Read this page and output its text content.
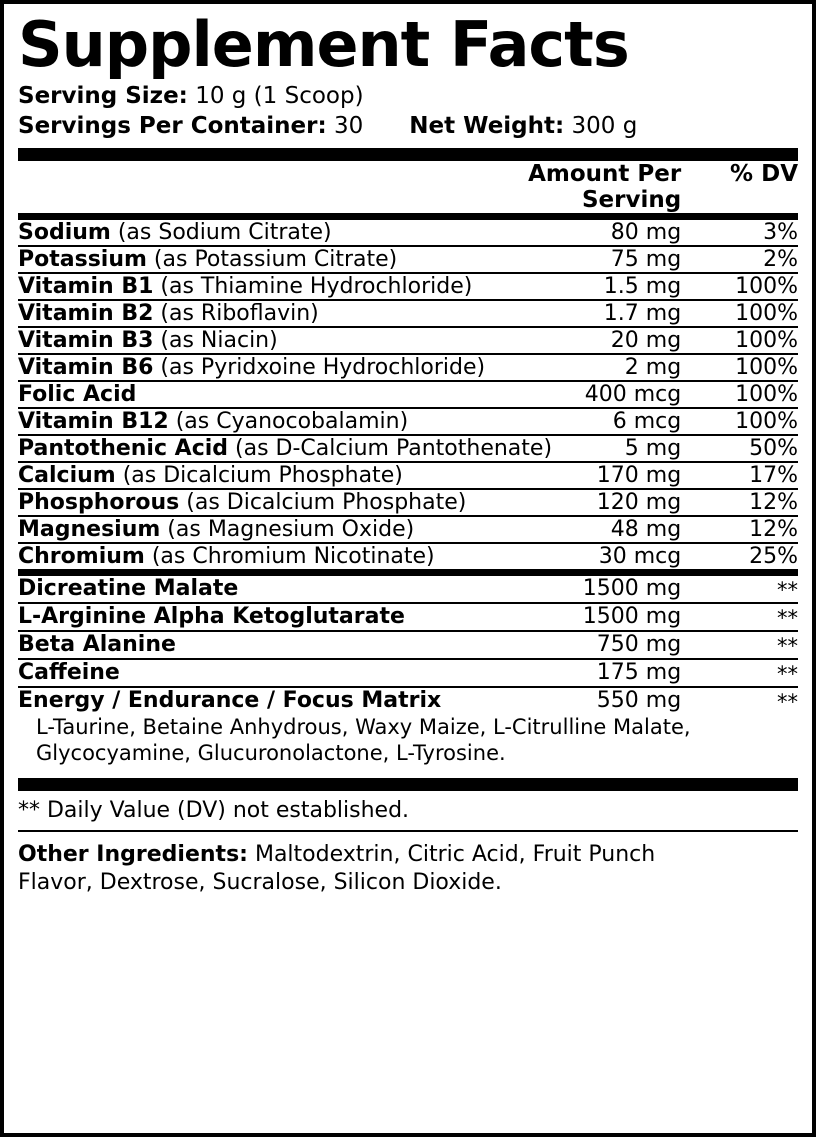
Supplement Facts
Serving Size: 10 g (1 Scoop)
Servings Per Container:
30 Net Weight:
300 g
	Amount Per Serving	% DV
Sodium (as Sodium Citrate)	80 mg	3%
Potassium (as Potassium Citrate)	75 mg	2%
Vitamin B1 (as Thiamine Hydrochloride)	1.5 mg	100%
Vitamin B2 (as Riboflavin)	1.7 mg	100%
Vitamin B3 (as Niacin)	20 mg	100%
Vitamin B6 (as Pyridxoine Hydrochloride)	2 mg	100%
Folic Acid	400 mcg	100%
Vitamin B12 (as Cyanocobalamin)	6 mcg	100%
Pantothenic Acid (as D-Calcium Pantothenate)	5 mg	50%
Calcium (as Dicalcium Phosphate)	170 mg	17%
Phosphorous (as Dicalcium Phosphate)	120 mg	12%
Magnesium (as Magnesium Oxide)	48 mg	12%
Chromium (as Chromium Nicotinate)	30 mcg	25%
Dicreatine Malate	1500 mg	**
L-Arginine Alpha Ketoglutarate	1500 mg	**
Beta Alanine	750 mg	**
Caffeine	175 mg	**
Energy / Endurance / Focus Matrix	550 mg	**
L-Taurine, Betaine Anhydrous, Waxy Maize, L-Citrulline Malate,
Glycocyamine, Glucuronolactone, L-Tyrosine.
** Daily Value (DV) not established.
Other Ingredients: Maltodextrin, Citric Acid, Fruit Punch
Flavor, Dextrose, Sucralose, Silicon Dioxide.
